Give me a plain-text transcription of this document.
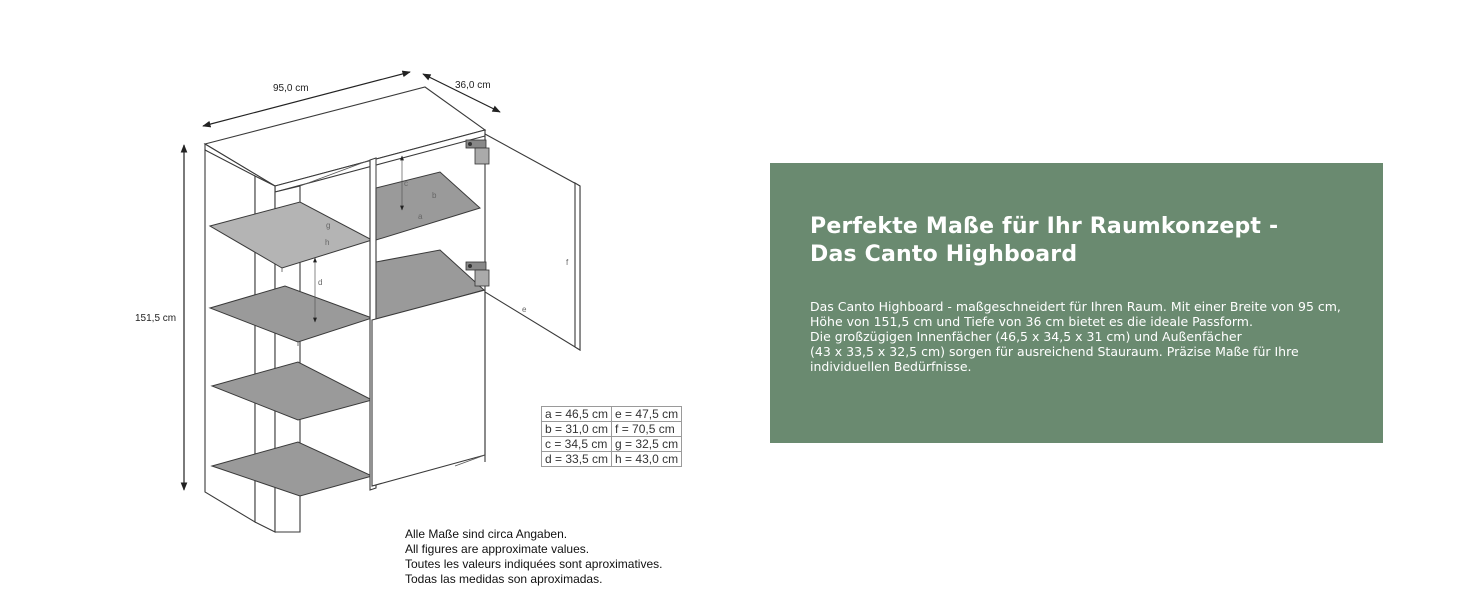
95,0 cm	36,0 cm
151,5 cm
c
b
a
g
h
d
f
e
a = 46,5 cm	e = 47,5 cm
b = 31,0 cm	f = 70,5 cm
c = 34,5 cm	g = 32,5 cm
d = 33,5 cm	h = 43,0 cm
Alle Maße sind circa Angaben.
All figures are approximate values.
Toutes les valeurs indiquées sont aproximatives.
Todas las medidas son aproximadas.
Perfekte Maße für Ihr Raumkonzept -
Das Canto Highboard

Das Canto Highboard - maßgeschneidert für Ihren Raum. Mit einer Breite von 95 cm,

Höhe von 151,5 cm und Tiefe von 36 cm bietet es die ideale Passform.

Die großzügigen Innenfächer (46,5 x 34,5 x 31 cm) und Außenfächer

(43 x 33,5 x 32,5 cm) sorgen für ausreichend Stauraum. Präzise Maße für Ihre

individuellen Bedürfnisse.
